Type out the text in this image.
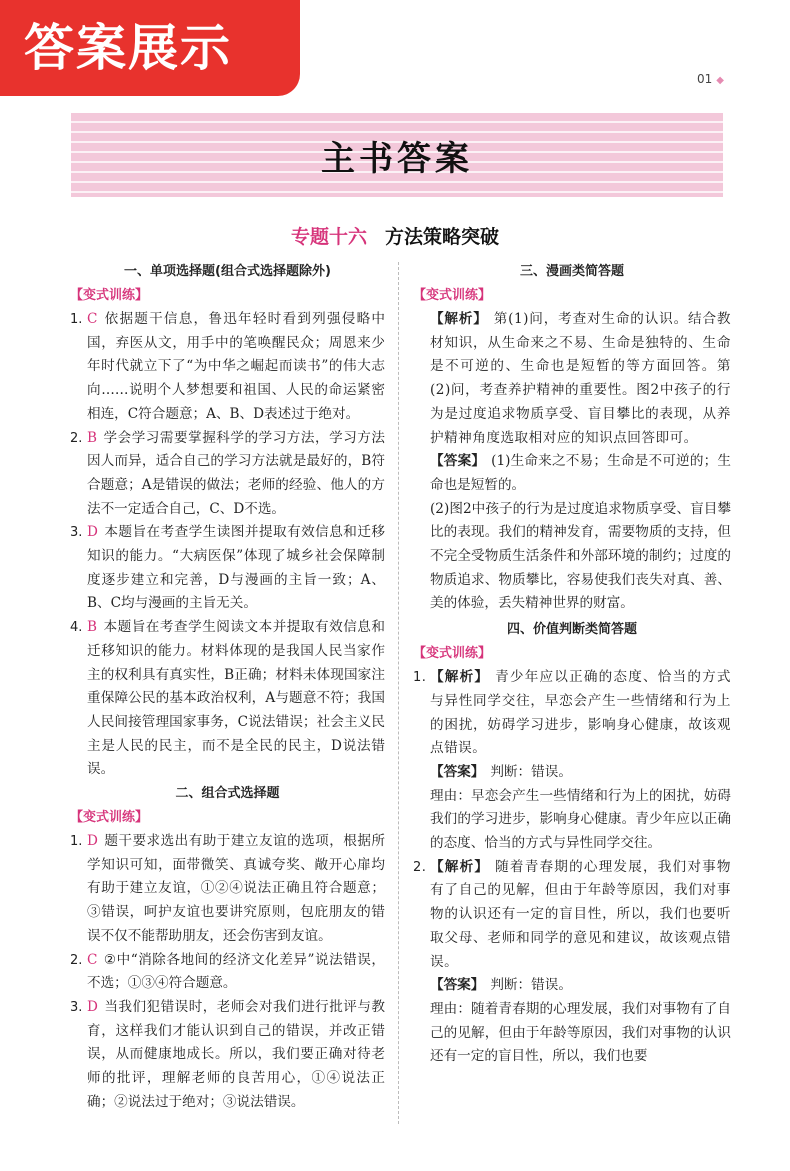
答案展示
01 ◆
主书答案
专题十六 方法策略突破
一、单项选择题(组合式选择题除外)
【变式训练】
1. C 依据题干信息，鲁迅年轻时看到列强侵略中国，弃医从文，用手中的笔唤醒民众；周恩来少年时代就立下了“为中华之崛起而读书”的伟大志向……说明个人梦想要和祖国、人民的命运紧密相连，C符合题意；A、B、D表述过于绝对。
2. B 学会学习需要掌握科学的学习方法，学习方法因人而异，适合自己的学习方法就是最好的，B符合题意；A是错误的做法；老师的经验、他人的方法不一定适合自己，C、D不选。
3. D 本题旨在考查学生读图并提取有效信息和迁移知识的能力。“大病医保”体现了城乡社会保障制度逐步建立和完善，D与漫画的主旨一致；A、B、C均与漫画的主旨无关。
4. B 本题旨在考查学生阅读文本并提取有效信息和迁移知识的能力。材料体现的是我国人民当家作主的权利具有真实性，B正确；材料未体现国家注重保障公民的基本政治权利，A与题意不符；我国人民间接管理国家事务，C说法错误；社会主义民主是人民的民主，而不是全民的民主，D说法错误。
二、组合式选择题
【变式训练】
1. D 题干要求选出有助于建立友谊的选项，根据所学知识可知，面带微笑、真诚夸奖、敞开心扉均有助于建立友谊，①②④说法正确且符合题意；③错误，呵护友谊也要讲究原则，包庇朋友的错误不仅不能帮助朋友，还会伤害到友谊。
2. C ②中“消除各地间的经济文化差异”说法错误，不选；①③④符合题意。
3. D 当我们犯错误时，老师会对我们进行批评与教育，这样我们才能认识到自己的错误，并改正错误，从而健康地成长。所以，我们要正确对待老师的批评，理解老师的良苦用心，①④说法正确；②说法过于绝对；③说法错误。
三、漫画类简答题
【变式训练】
【解析】 第(1)问，考查对生命的认识。结合教材知识，从生命来之不易、生命是独特的、生命是不可逆的、生命也是短暂的等方面回答。第(2)问，考查养护精神的重要性。图2中孩子的行为是过度追求物质享受、盲目攀比的表现，从养护精神角度选取相对应的知识点回答即可。
【答案】 (1)生命来之不易；生命是不可逆的；生命也是短暂的。
(2)图2中孩子的行为是过度追求物质享受、盲目攀比的表现。我们的精神发育，需要物质的支持，但不完全受物质生活条件和外部环境的制约；过度的物质追求、物质攀比，容易使我们丧失对真、善、美的体验，丢失精神世界的财富。
四、价值判断类简答题
【变式训练】
1. 【解析】 青少年应以正确的态度、恰当的方式与异性同学交往，早恋会产生一些情绪和行为上的困扰，妨碍学习进步，影响身心健康，故该观点错误。
【答案】 判断：错误。
理由：早恋会产生一些情绪和行为上的困扰，妨碍我们的学习进步，影响身心健康。青少年应以正确的态度、恰当的方式与异性同学交往。
2. 【解析】 随着青春期的心理发展，我们对事物有了自己的见解，但由于年龄等原因，我们对事物的认识还有一定的盲目性，所以，我们也要听取父母、老师和同学的意见和建议，故该观点错误。
【答案】 判断：错误。
理由：随着青春期的心理发展，我们对事物有了自己的见解，但由于年龄等原因，我们对事物的认识还有一定的盲目性，所以，我们也要
